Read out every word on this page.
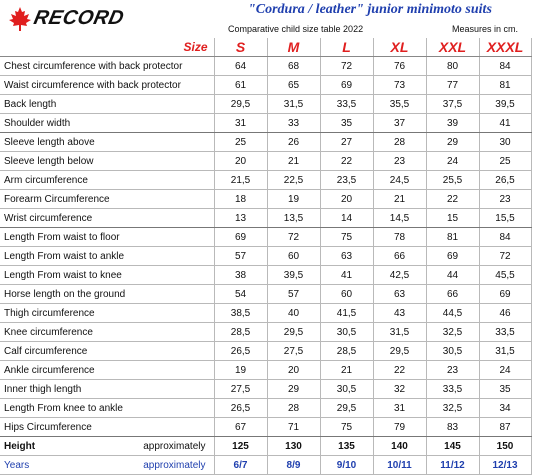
RECORD	"Cordura / leather" junior minimoto suits
Comparative child size table 2022	Measures in cm.
Size	S	M	L	XL	XXL	XXXL
Chest circumference with back protector	64	68	72	76	80	84
Waist circumference with back protector	61	65	69	73	77	81
Back length	29,5	31,5	33,5	35,5	37,5	39,5
Shoulder width	31	33	35	37	39	41
Sleeve length above	25	26	27	28	29	30
Sleeve length below	20	21	22	23	24	25
Arm circumference	21,5	22,5	23,5	24,5	25,5	26,5
Forearm Circumference	18	19	20	21	22	23
Wrist circumference	13	13,5	14	14,5	15	15,5
Length From waist to floor	69	72	75	78	81	84
Length From waist to ankle	57	60	63	66	69	72
Length From waist to knee	38	39,5	41	42,5	44	45,5
Horse length on the ground	54	57	60	63	66	69
Thigh circumference	38,5	40	41,5	43	44,5	46
Knee circumference	28,5	29,5	30,5	31,5	32,5	33,5
Calf circumference	26,5	27,5	28,5	29,5	30,5	31,5
Ankle circumference	19	20	21	22	23	24
Inner thigh length	27,5	29	30,5	32	33,5	35
Length From knee to ankle	26,5	28	29,5	31	32,5	34
Hips Circumference	67	71	75	79	83	87

Height approximately	125	130	135	140	145	150

Years approximately	6/7	8/9	9/10	10/11	11/12	12/13
